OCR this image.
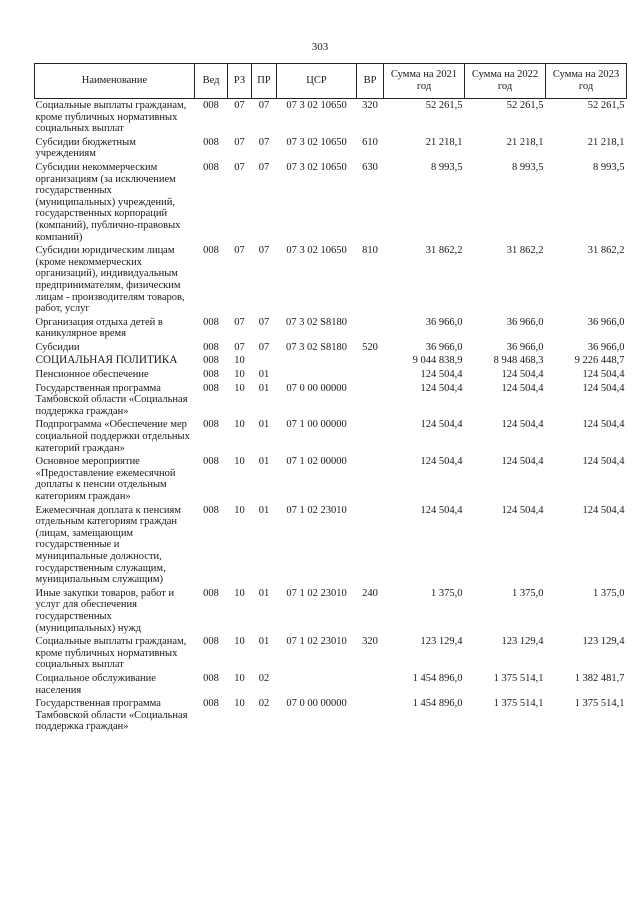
303
Наименование	Вед	РЗ	ПР	ЦСР	ВР	Сумма на 2021 год	Сумма на 2022 год	Сумма на 2023 год
Социальные выплаты гражданам, кроме публичных нормативных социальных выплат	008	07	07	07 3 02 10650	320	52 261,5	52 261,5	52 261,5
Субсидии бюджетным учреждениям	008	07	07	07 3 02 10650	610	21 218,1	21 218,1	21 218,1
Субсидии некоммерческим организациям (за исключением государственных (муниципальных) учреждений, государственных корпораций (компаний), публично-правовых компаний)	008	07	07	07 3 02 10650	630	8 993,5	8 993,5	8 993,5
Субсидии юридическим лицам (кроме некоммерческих организаций), индивидуальным предпринимателям, физическим лицам - производителям товаров, работ, услуг	008	07	07	07 3 02 10650	810	31 862,2	31 862,2	31 862,2
Организация отдыха детей в каникулярное время	008	07	07	07 3 02 S8180		36 966,0	36 966,0	36 966,0
Субсидии	008	07	07	07 3 02 S8180	520	36 966,0	36 966,0	36 966,0
СОЦИАЛЬНАЯ ПОЛИТИКА	008	10				9 044 838,9	8 948 468,3	9 226 448,7
Пенсионное обеспечение	008	10	01			124 504,4	124 504,4	124 504,4
Государственная программа Тамбовской области «Социальная поддержка граждан»	008	10	01	07 0 00 00000		124 504,4	124 504,4	124 504,4
Подпрограмма «Обеспечение мер социальной поддержки отдельных категорий граждан»	008	10	01	07 1 00 00000		124 504,4	124 504,4	124 504,4
Основное мероприятие «Предоставление ежемесячной доплаты к пенсии отдельным категориям граждан»	008	10	01	07 1 02 00000		124 504,4	124 504,4	124 504,4
Ежемесячная доплата к пенсиям отдельным категориям граждан (лицам, замещающим государственные и муниципальные должности, государственным служащим, муниципальным служащим)	008	10	01	07 1 02 23010		124 504,4	124 504,4	124 504,4
Иные закупки товаров, работ и услуг для обеспечения государственных (муниципальных) нужд	008	10	01	07 1 02 23010	240	1 375,0	1 375,0	1 375,0
Социальные выплаты гражданам, кроме публичных нормативных социальных выплат	008	10	01	07 1 02 23010	320	123 129,4	123 129,4	123 129,4
Социальное обслуживание населения	008	10	02			1 454 896,0	1 375 514,1	1 382 481,7
Государственная программа Тамбовской области «Социальная поддержка граждан»	008	10	02	07 0 00 00000		1 454 896,0	1 375 514,1	1 375 514,1
